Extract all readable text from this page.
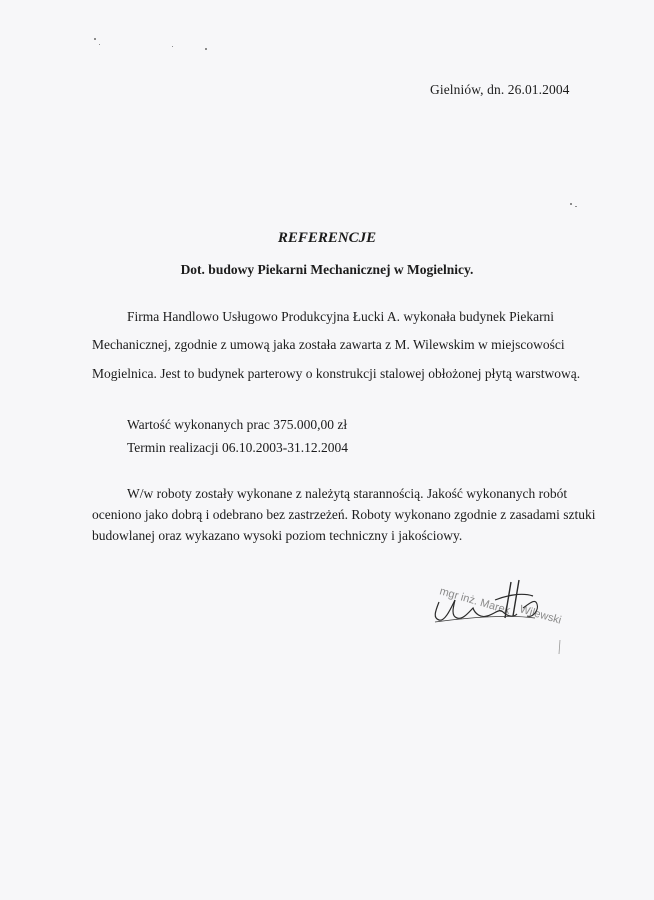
Gielniów, dn. 26.01.2004
REFERENCJE
Dot. budowy Piekarni Mechanicznej w Mogielnicy.
Firma Handlowo Usługowo Produkcyjna Łucki A. wykonała budynek Piekarni
Mechanicznej, zgodnie z umową jaka została zawarta z M. Wilewskim w miejscowości
Mogielnica. Jest to budynek parterowy o konstrukcji stalowej obłożonej płytą warstwową.
Wartość wykonanych prac 375.000,00 zł
Termin realizacji 06.10.2003-31.12.2004
W/w roboty zostały wykonane z należytą starannością. Jakość wykonanych robót
oceniono jako dobrą i odebrano bez zastrzeżeń. Roboty wykonano zgodnie z zasadami sztuki
budowlanej oraz wykazano wysoki poziom techniczny i jakościowy.
mgr inż. Marek Wilewski
